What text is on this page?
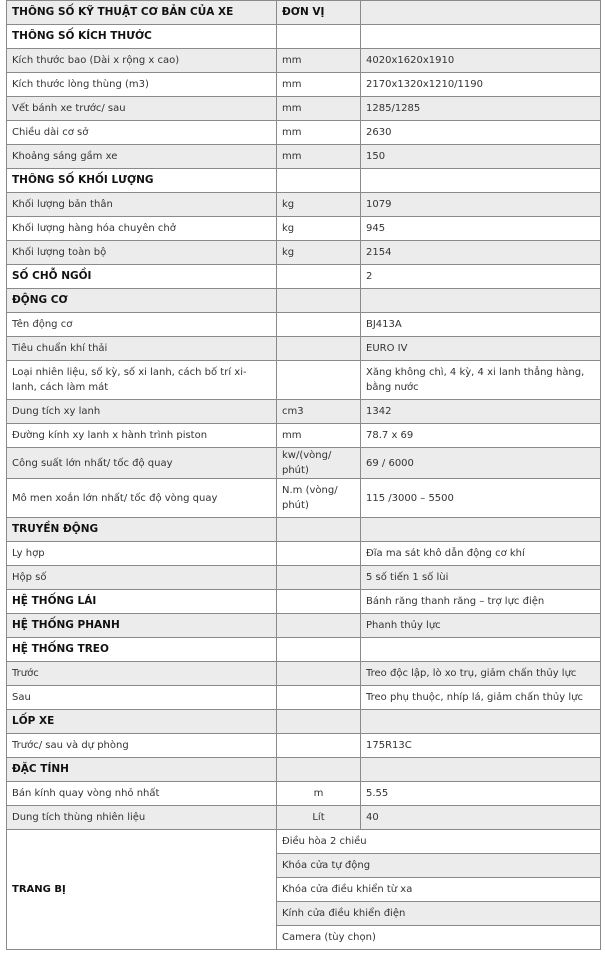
THÔNG SỐ KỸ THUẬT CƠ BẢN CỦA XE	ĐƠN VỊ	
THÔNG SỐ KÍCH THƯỚC		
Kích thước bao (Dài x rộng x cao)	mm	4020x1620x1910
Kích thước lòng thùng (m3)	mm	2170x1320x1210/1190
Vết bánh xe trước/ sau	mm	1285/1285
Chiều dài cơ sở	mm	2630
Khoảng sáng gầm xe	mm	150
THÔNG SỐ KHỐI LƯỢNG		
Khối lượng bản thân	kg	1079
Khối lượng hàng hóa chuyên chở	kg	945
Khối lượng toàn bộ	kg	2154
SỐ CHỖ NGỒI		2
ĐỘNG CƠ		
Tên động cơ		BJ413A
Tiêu chuẩn khí thải		EURO IV
Loại nhiên liệu, số kỳ, số xi lanh, cách bố trí xi-lanh, cách làm mát		Xăng không chì, 4 kỳ, 4 xi lanh thẳng hàng, bằng nước
Dung tích xy lanh	cm3	1342
Đường kính xy lanh x hành trình piston	mm	78.7 x 69
Công suất lớn nhất/ tốc độ quay	kw/(vòng/ phút)	69 / 6000
Mô men xoắn lớn nhất/ tốc độ vòng quay	N.m (vòng/ phút)	115 /3000 – 5500
TRUYỀN ĐỘNG		
Ly hợp		Đĩa ma sát khô dẫn động cơ khí
Hộp số		5 số tiến 1 số lùi
HỆ THỐNG LÁI		Bánh răng thanh răng – trợ lực điện
HỆ THỐNG PHANH		Phanh thủy lực
HỆ THỐNG TREO		
Trước		Treo độc lập, lò xo trụ, giảm chấn thủy lực
Sau		Treo phụ thuộc, nhíp lá, giảm chấn thủy lực
LỐP XE		
Trước/ sau và dự phòng		175R13C
ĐẶC TÍNH		
Bán kính quay vòng nhỏ nhất	m	5.55
Dung tích thùng nhiên liệu	Lít	40
TRANG BỊ	Điều hòa 2 chiều	
	Khóa cửa tự động	
	Khóa cửa điều khiển từ xa	
	Kính cửa điều khiển điện	
	Camera (tùy chọn)	
